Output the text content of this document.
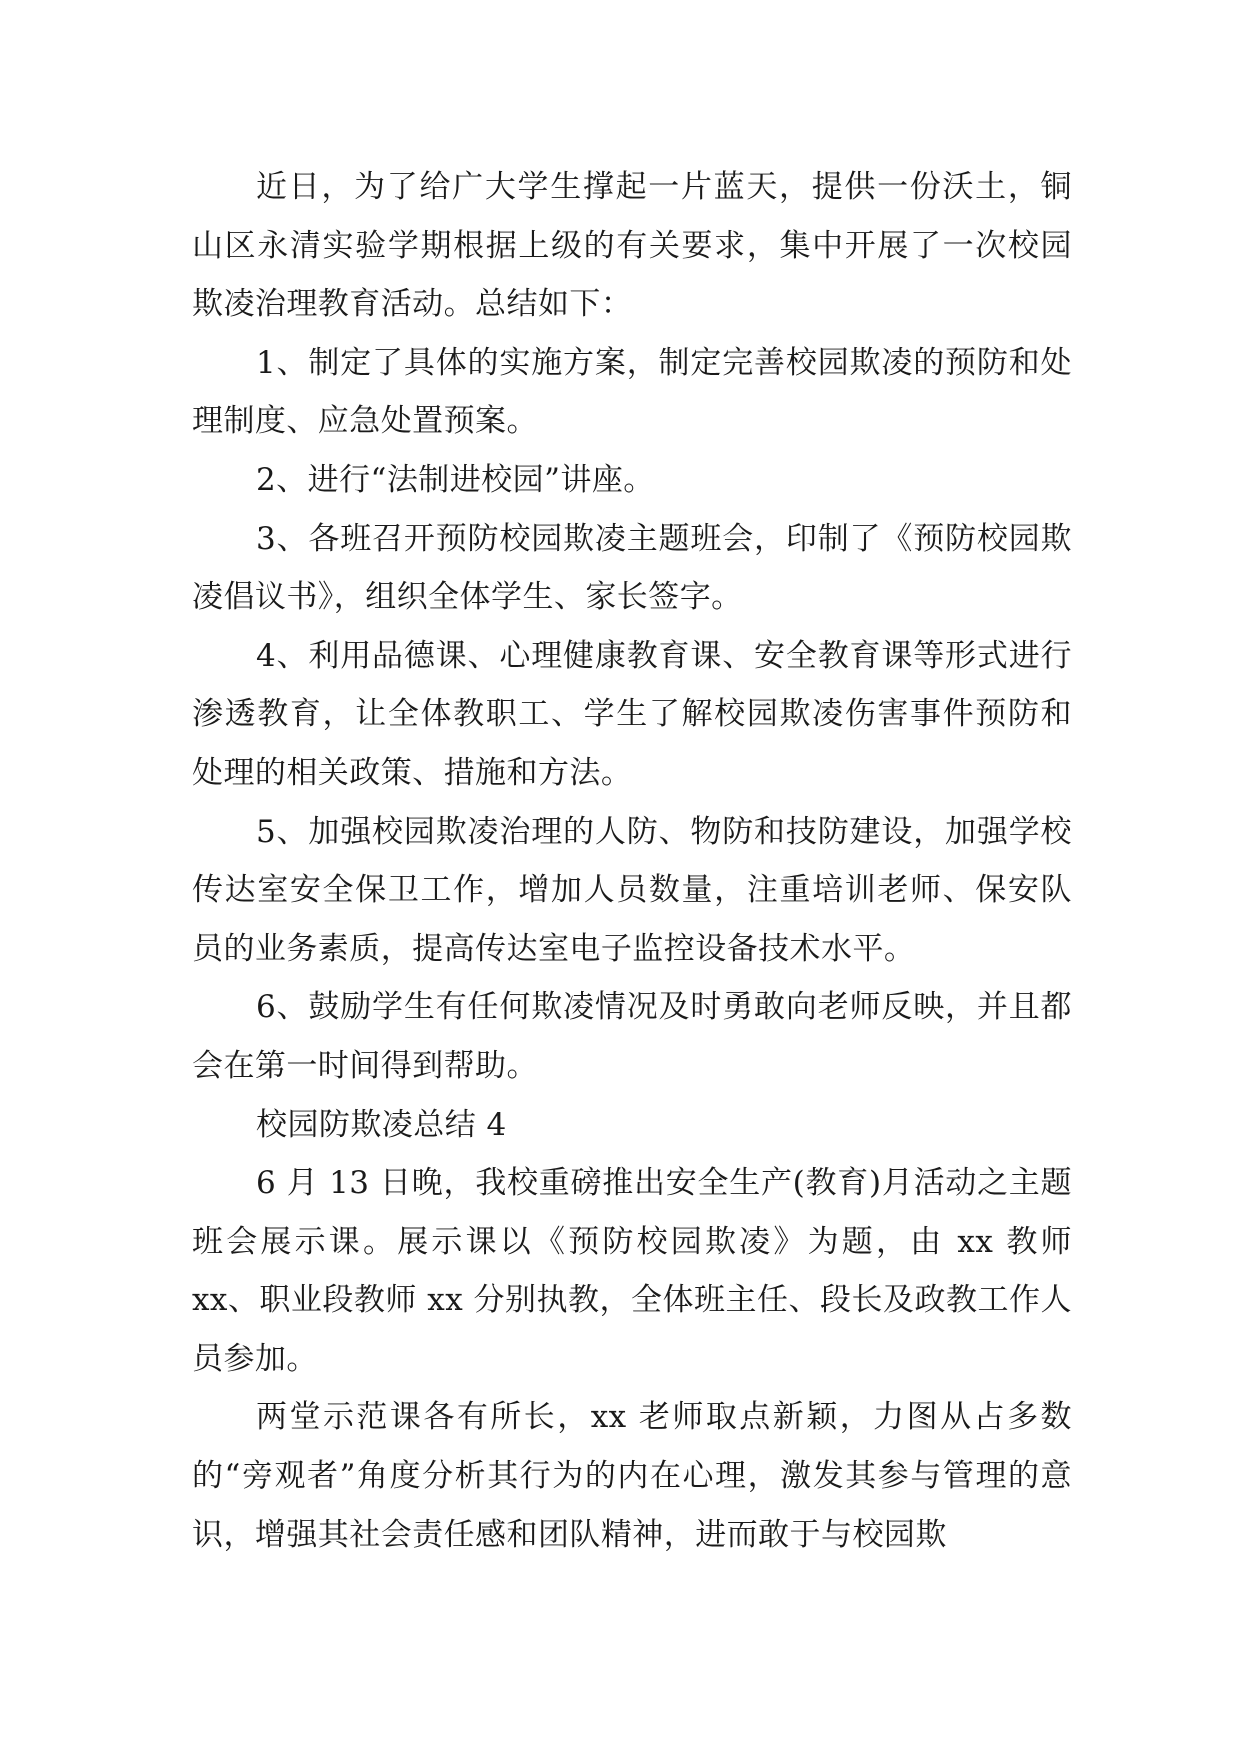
近日，为了给广大学生撑起一片蓝天，提供一份沃土，铜山区永清实验学期根据上级的有关要求，集中开展了一次校园欺凌治理教育活动。总结如下：

1、制定了具体的实施方案，制定完善校园欺凌的预防和处理制度、应急处置预案。

2、进行“法制进校园”讲座。

3、各班召开预防校园欺凌主题班会，印制了《预防校园欺凌倡议书》，组织全体学生、家长签字。

4、利用品德课、心理健康教育课、安全教育课等形式进行渗透教育，让全体教职工、学生了解校园欺凌伤害事件预防和处理的相关政策、措施和方法。

5、加强校园欺凌治理的人防、物防和技防建设，加强学校传达室安全保卫工作，增加人员数量，注重培训老师、保安队员的业务素质，提高传达室电子监控设备技术水平。

6、鼓励学生有任何欺凌情况及时勇敢向老师反映，并且都会在第一时间得到帮助。

校园防欺凌总结 4

6 月 13 日晚，我校重磅推出安全生产(教育)月活动之主题班会展示课。展示课以《预防校园欺凌》为题，由 xx 教师 xx、职业段教师 xx 分别执教，全体班主任、段长及政教工作人员参加。

两堂示范课各有所长，xx 老师取点新颖，力图从占多数的“旁观者”角度分析其行为的内在心理，激发其参与管理的意识，增强其社会责任感和团队精神，进而敢于与校园欺
